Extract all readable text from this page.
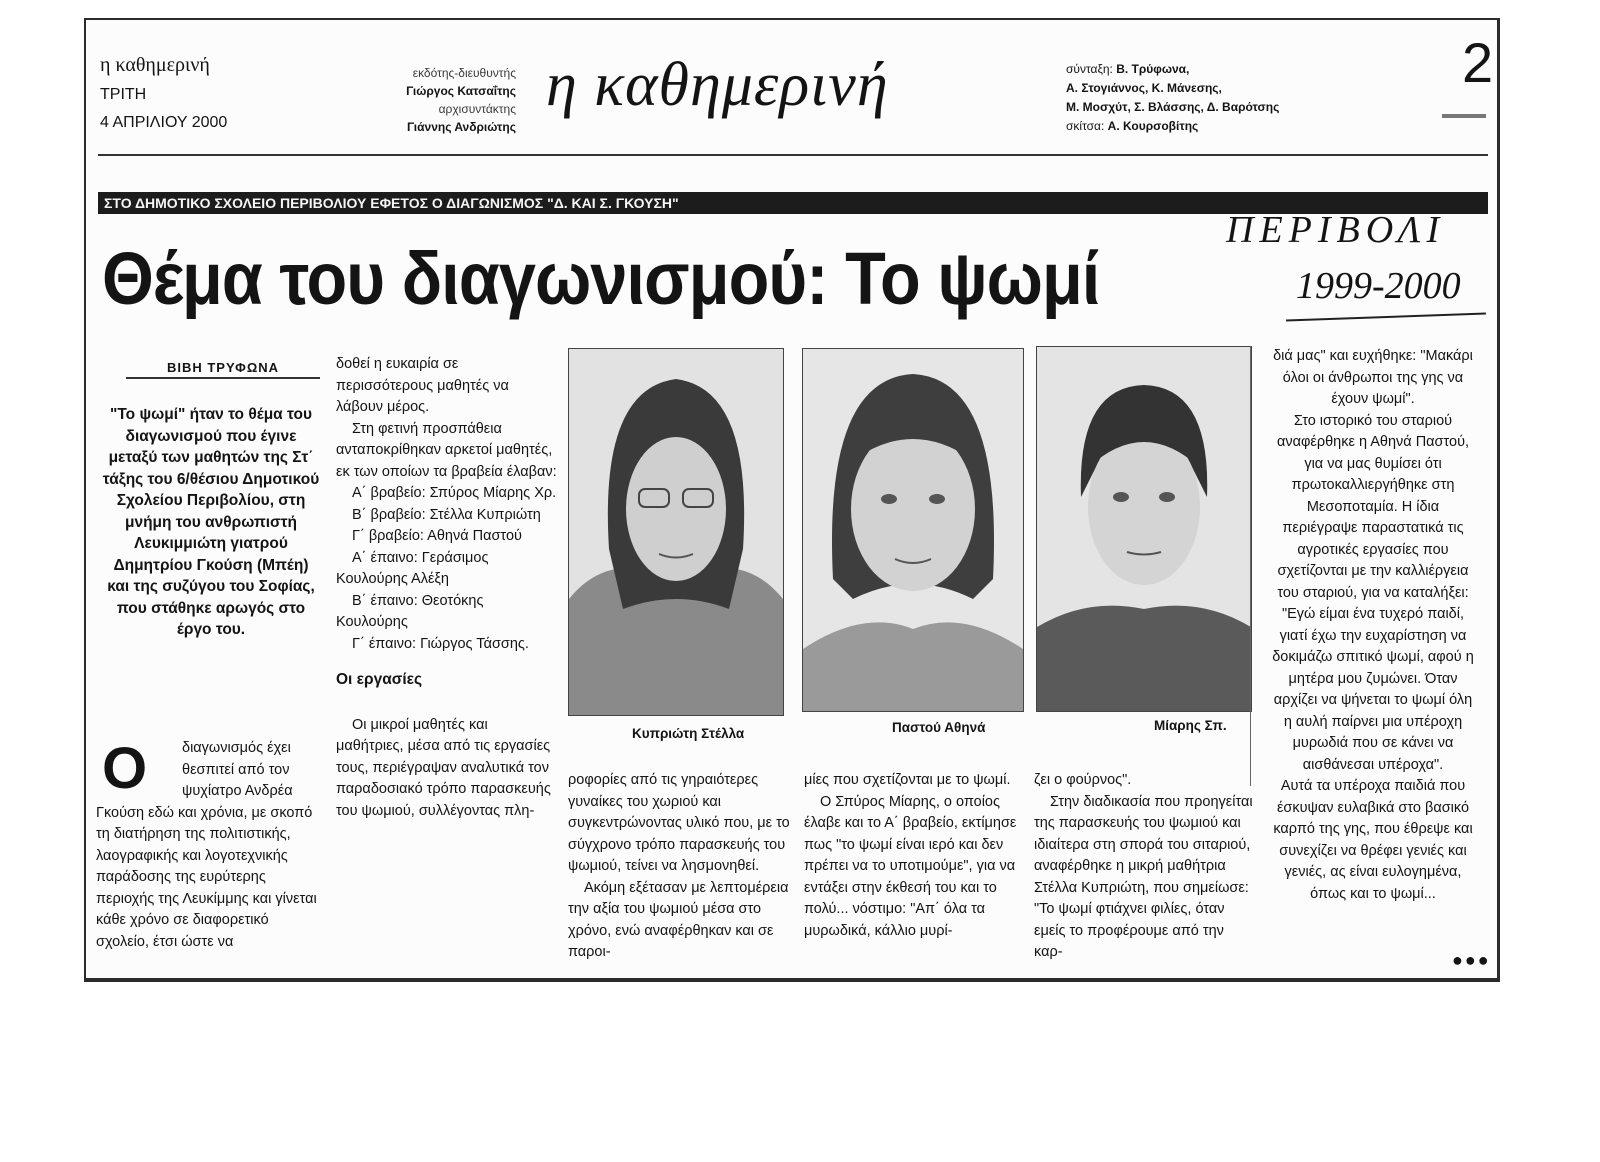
η καθημερινή
ΤΡΙΤΗ
4 ΑΠΡΙΛΙΟΥ 2000
εκδότης-διευθυντής
Γιώργος Κατσαΐτης
αρχισυντάκτης
Γιάννης Ανδριώτης
η καθημερινή	σύνταξη: Β. Τρύφωνα,
Α. Στογιάννος, Κ. Μάνεσης,
Μ. Μοσχύτ, Σ. Βλάσσης, Δ. Βαρότσης
σκίτσα: Α. Κουρσοβίτης
2
ΣΤΟ ΔΗΜΟΤΙΚΟ ΣΧΟΛΕΙΟ ΠΕΡΙΒΟΛΙΟΥ ΕΦΕΤΟΣ Ο ΔΙΑΓΩΝΙΣΜΟΣ "Δ. ΚΑΙ Σ. ΓΚΟΥΣΗ"
Θέμα του διαγωνισμού: Το ψωμί
ΠΕΡΙΒΟΛΙ
1999-2000
ΒΙΒΗ ΤΡΥΦΩΝΑ
"Το ψωμί" ήταν το θέμα του διαγωνισμού που έγινε μεταξύ των μαθητών της Στ΄ τάξης του 6/θέσιου Δημοτικού Σχολείου Περιβολίου, στη μνήμη του ανθρωπιστή Λευκιμμιώτη γιατρού Δημητρίου Γκούση (Μπέη) και της συζύγου του Σοφίας, που στάθηκε αρωγός στο έργο του.
Ο	διαγωνισμός έχει
θεσπιτεί από τον
ψυχίατρο Ανδρέα

Γκούση εδώ και χρόνια, με σκοπό τη διατήρηση της πολιτιστικής, λαογραφικής και λογοτεχνικής παράδοσης της ευρύτερης περιοχής της Λευκίμμης και γίνεται κάθε χρόνο σε διαφορετικό σχολείο, έτσι ώστε να

δοθεί η ευκαιρία σε περισσότερους μαθητές να λάβουν μέρος.

Στη φετινή προσπάθεια ανταποκρίθηκαν αρκετοί μαθητές, εκ των οποίων τα βραβεία έλαβαν:

Α΄ βραβείο: Σπύρος Μίαρης Χρ.

Β΄ βραβείο: Στέλλα Κυπριώτη

Γ΄ βραβείο: Αθηνά Παστού

Α΄ έπαινο: Γεράσιμος Κουλούρης Αλέξη

Β΄ έπαινο: Θεοτόκης Κουλούρης

Γ΄ έπαινο: Γιώργος Τάσσης.

Οι εργασίες

Οι μικροί μαθητές και μαθήτριες, μέσα από τις εργασίες τους, περιέγραψαν αναλυτικά τον παραδοσιακό τρόπο παρασκευής του ψωμιού, συλλέγοντας πλη-

Κυπριώτη Στέλλα	Παστού Αθηνά	Μίαρης Σπ.

ροφορίες από τις γηραιότερες γυναίκες του χωριού και συγκεντρώνοντας υλικό που, με το σύγχρονο τρόπο παρασκευής του ψωμιού, τείνει να λησμονηθεί.

Ακόμη εξέτασαν με λεπτομέρεια την αξία του ψωμιού μέσα στο χρόνο, ενώ αναφέρθηκαν και σε παροι-

μίες που σχετίζονται με το ψωμί.

Ο Σπύρος Μίαρης, ο οποίος έλαβε και το Α΄ βραβείο, εκτίμησε πως "το ψωμί είναι ιερό και δεν πρέπει να το υποτιμούμε", για να εντάξει στην έκθεσή του και το πολύ... νόστιμο: "Απ΄ όλα τα μυρωδικά, κάλλιο μυρί-

ζει ο φούρνος".

Στην διαδικασία που προηγείται της παρασκευής του ψωμιού και ιδιαίτερα στη σπορά του σιταριού, αναφέρθηκε η μικρή μαθήτρια Στέλλα Κυπριώτη, που σημείωσε: "Το ψωμί φτιάχνει φιλίες, όταν εμείς το προφέρουμε από την καρ-

διά μας" και ευχήθηκε: "Μακάρι όλοι οι άνθρωποι της γης να έχουν ψωμί".

Στο ιστορικό του σταριού αναφέρθηκε η Αθηνά Παστού, για να μας θυμίσει ότι πρωτοκαλλιεργήθηκε στη Μεσοποταμία. Η ίδια περιέγραψε παραστατικά τις αγροτικές εργασίες που σχετίζονται με την καλλιέργεια του σταριού, για να καταλήξει: "Εγώ είμαι ένα τυχερό παιδί, γιατί έχω την ευχαρίστηση να δοκιμάζω σπιτικό ψωμί, αφού η μητέρα μου ζυμώνει. Όταν αρχίζει να ψήνεται το ψωμί όλη η αυλή παίρνει μια υπέροχη μυρωδιά που σε κάνει να αισθάνεσαι υπέροχα".

Αυτά τα υπέροχα παιδιά που έσκυψαν ευλαβικά στο βασικό καρπό της γης, που έθρεψε και συνεχίζει να θρέφει γενιές και γενιές, ας είναι ευλογημένα, όπως και το ψωμί...

●●●
